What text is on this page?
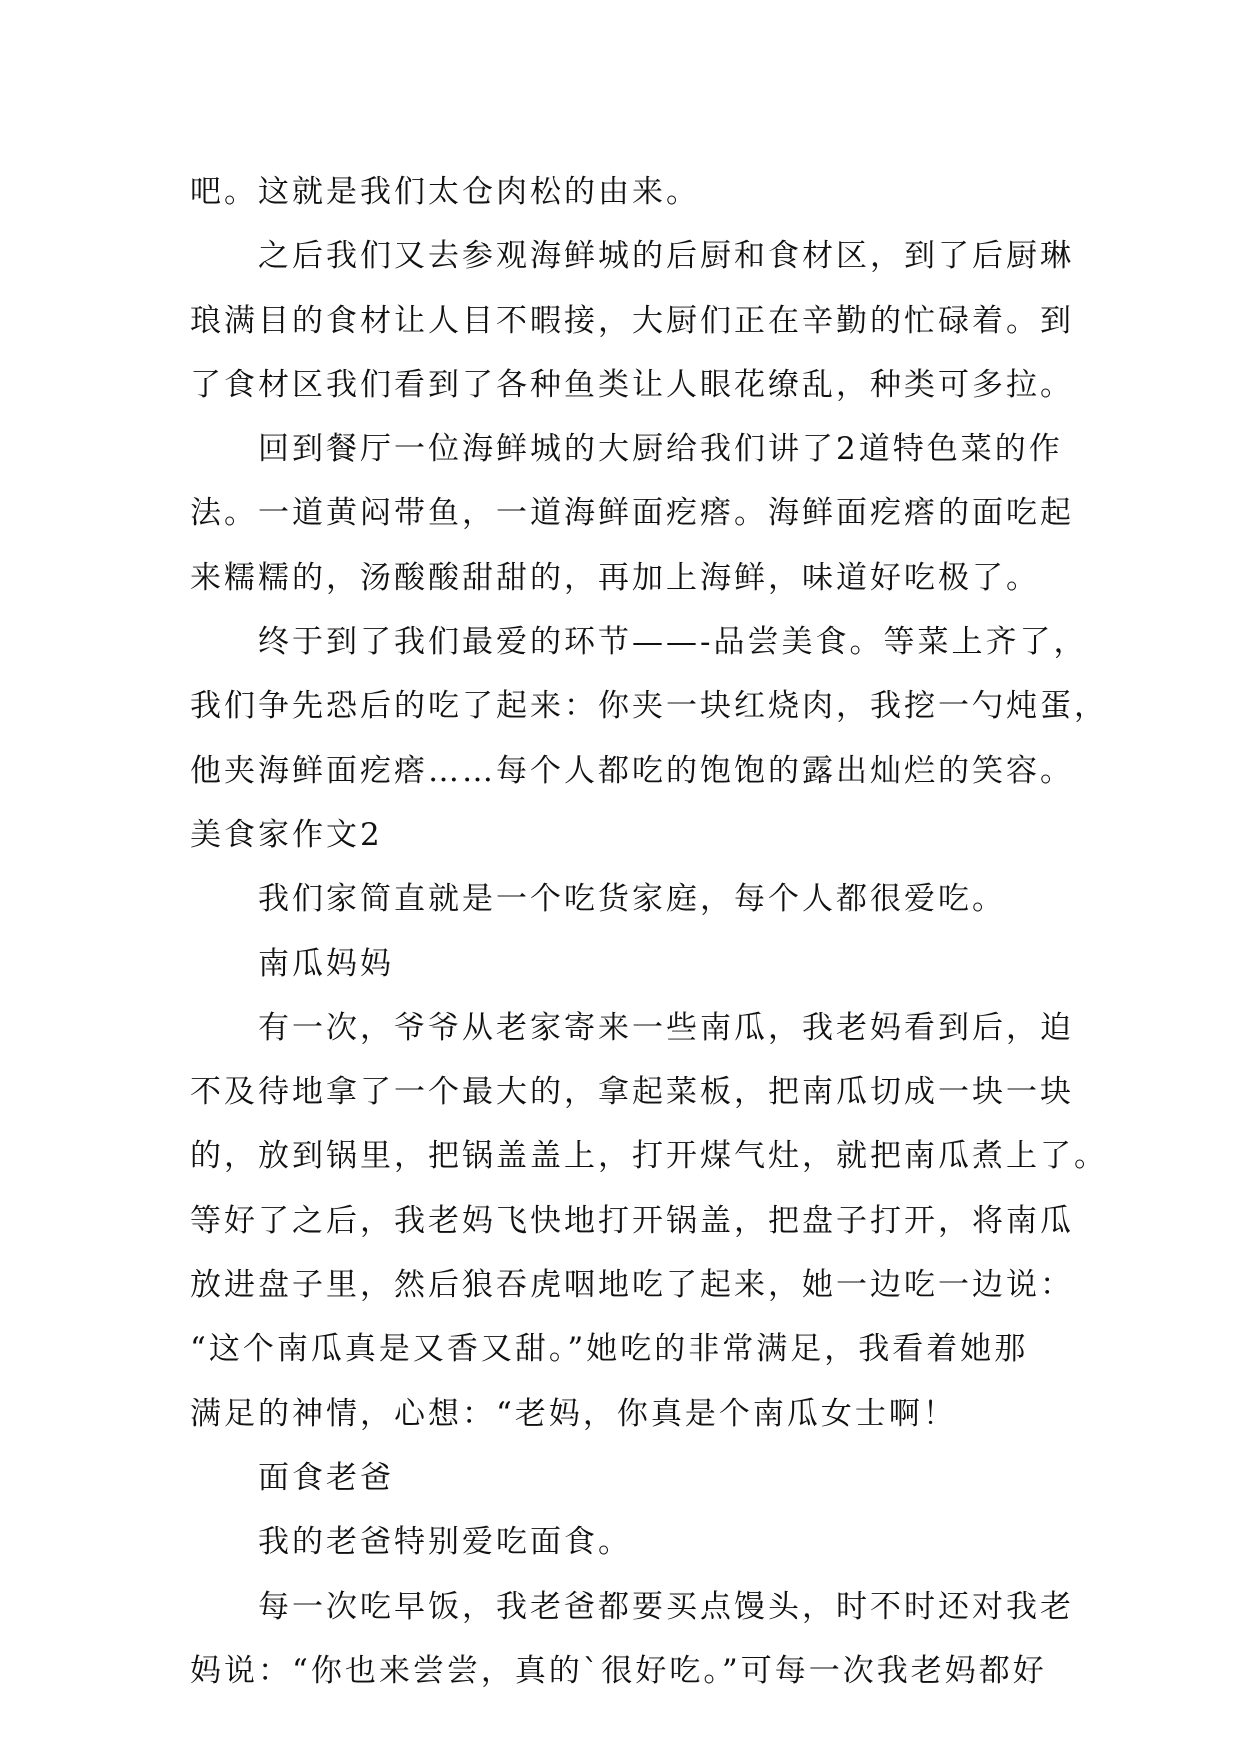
吧。这就是我们太仓肉松的由来。

之后我们又去参观海鲜城的后厨和食材区，到了后厨琳

琅满目的食材让人目不暇接，大厨们正在辛勤的忙碌着。到

了食材区我们看到了各种鱼类让人眼花缭乱，种类可多拉。

回到餐厅一位海鲜城的大厨给我们讲了2道特色菜的作

法。一道黄闷带鱼，一道海鲜面疙瘩。海鲜面疙瘩的面吃起

来糯糯的，汤酸酸甜甜的，再加上海鲜，味道好吃极了。

终于到了我们最爱的环节——-品尝美食。等菜上齐了，

我们争先恐后的吃了起来：你夹一块红烧肉，我挖一勺炖蛋，

他夹海鲜面疙瘩……每个人都吃的饱饱的露出灿烂的笑容。

美食家作文2

我们家简直就是一个吃货家庭，每个人都很爱吃。

南瓜妈妈

有一次，爷爷从老家寄来一些南瓜，我老妈看到后，迫

不及待地拿了一个最大的，拿起菜板，把南瓜切成一块一块

的，放到锅里，把锅盖盖上，打开煤气灶，就把南瓜煮上了。

等好了之后，我老妈飞快地打开锅盖，把盘子打开，将南瓜

放进盘子里，然后狼吞虎咽地吃了起来，她一边吃一边说：

“这个南瓜真是又香又甜。”她吃的非常满足，我看着她那

满足的神情，心想：“老妈，你真是个南瓜女士啊！

面食老爸

我的老爸特别爱吃面食。

每一次吃早饭，我老爸都要买点馒头，时不时还对我老

妈说：“你也来尝尝，真的`很好吃。”可每一次我老妈都好
